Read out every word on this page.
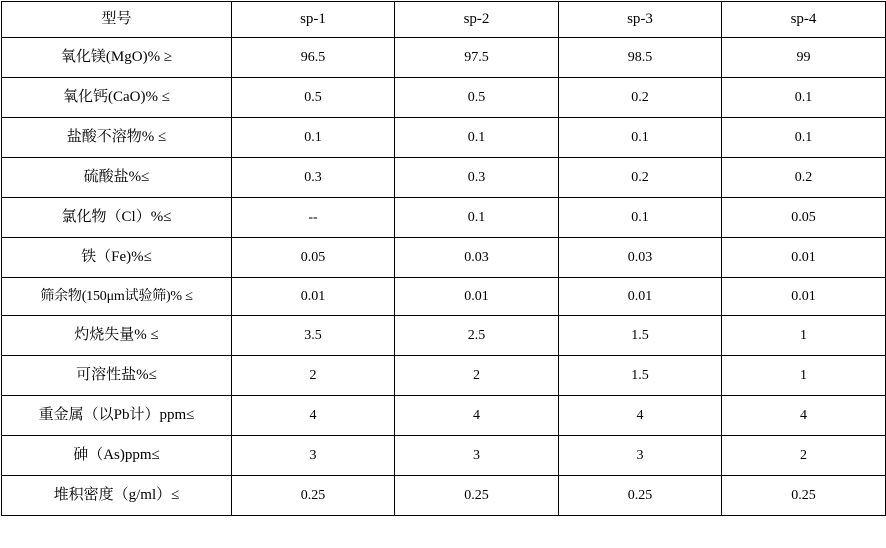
型号	sp-1	sp-2	sp-3	sp-4
氧化镁(MgO)% ≥	96.5	97.5	98.5	99
氧化钙(CaO)% ≤	0.5	0.5	0.2	0.1
盐酸不溶物% ≤	0.1	0.1	0.1	0.1
硫酸盐%≤	0.3	0.3	0.2	0.2
氯化物（Cl）%≤	--	0.1	0.1	0.05
铁（Fe)%≤	0.05	0.03	0.03	0.01
筛余物(150μm试验筛)% ≤	0.01	0.01	0.01	0.01
灼烧失量% ≤	3.5	2.5	1.5	1
可溶性盐%≤	2	2	1.5	1
重金属（以Pb计）ppm≤	4	4	4	4
砷（As)ppm≤	3	3	3	2
堆积密度（g/ml）≤	0.25	0.25	0.25	0.25
